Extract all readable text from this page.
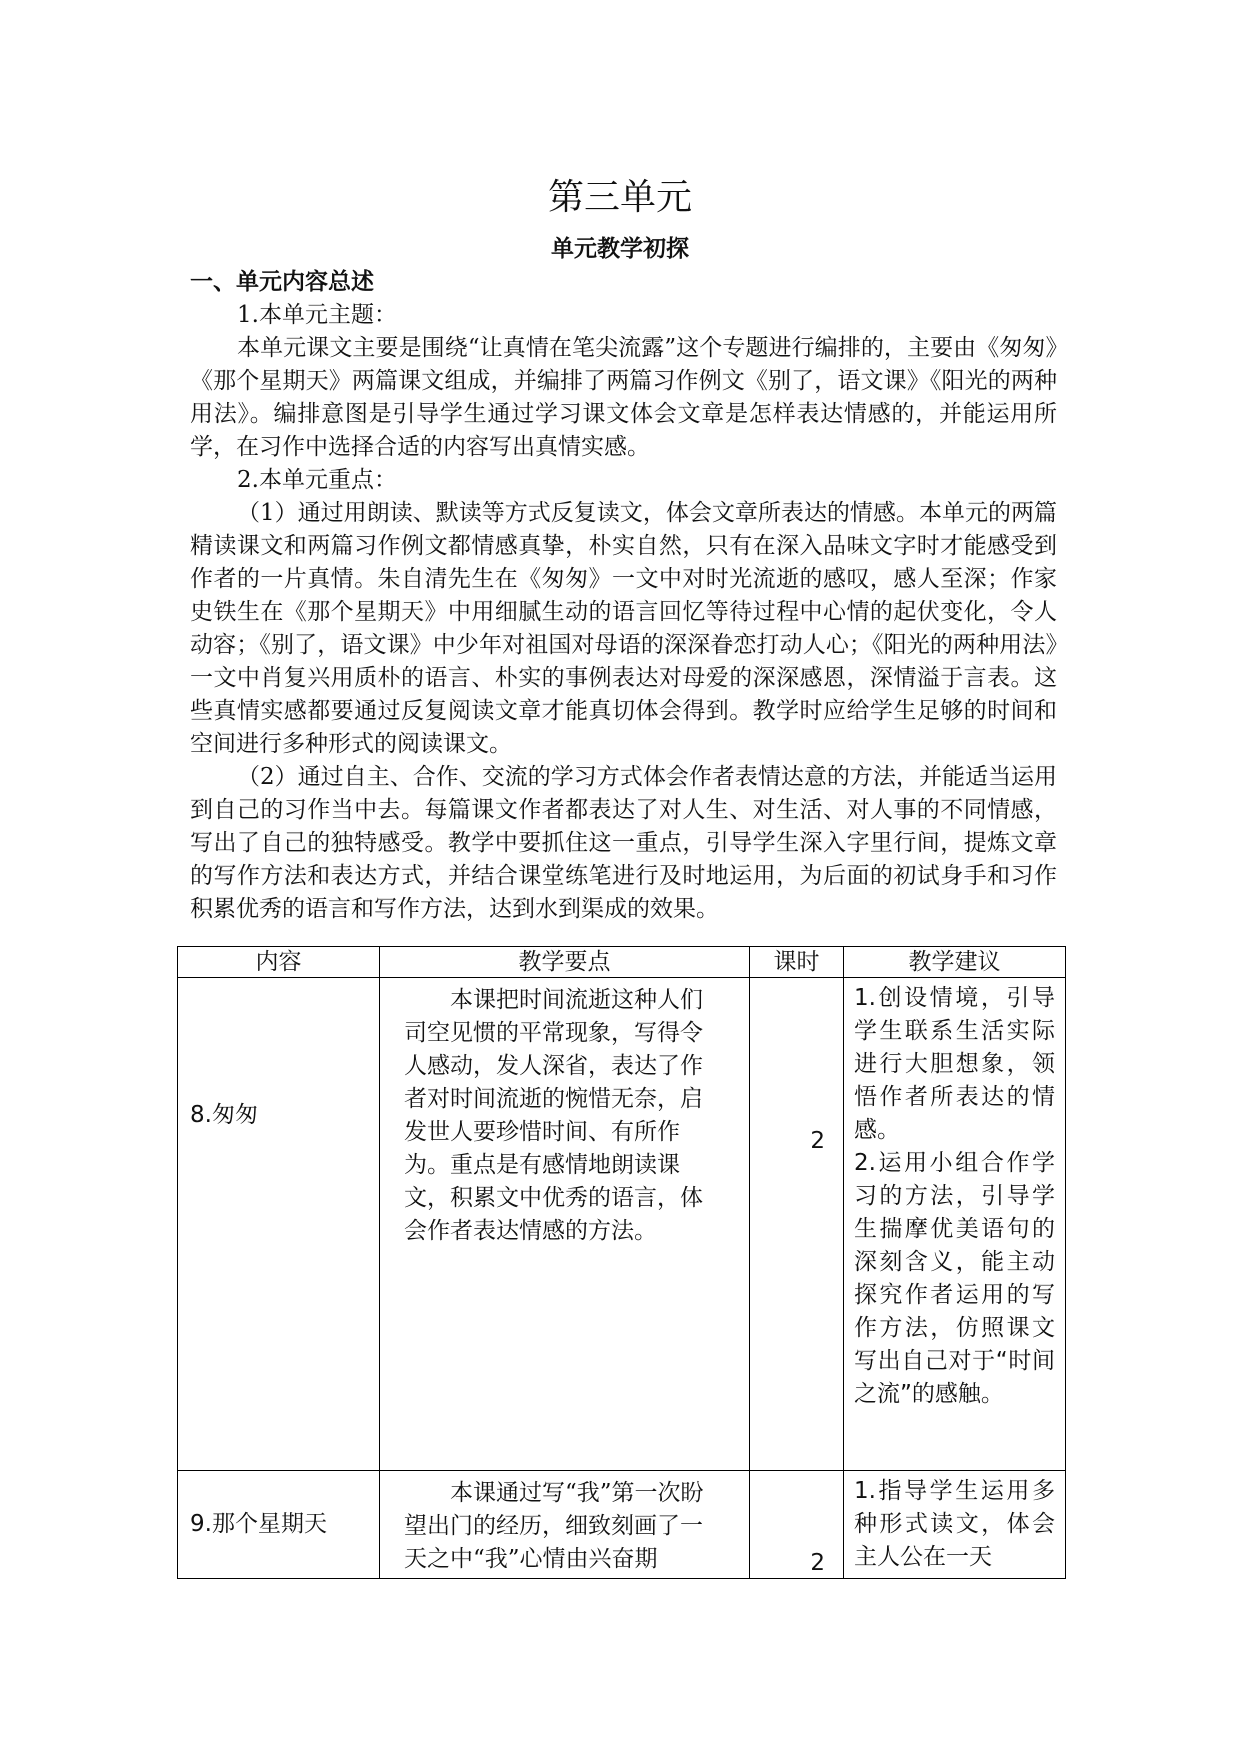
第三单元
单元教学初探

一、单元内容总述

1.本单元主题：

本单元课文主要是围绕“让真情在笔尖流露”这个专题进行编排的，主要由《匆匆》《那个星期天》两篇课文组成，并编排了两篇习作例文《别了，语文课》《阳光的两种用法》。编排意图是引导学生通过学习课文体会文章是怎样表达情感的，并能运用所学，在习作中选择合适的内容写出真情实感。

2.本单元重点：

（1）通过用朗读、默读等方式反复读文，体会文章所表达的情感。本单元的两篇精读课文和两篇习作例文都情感真挚，朴实自然，只有在深入品味文字时才能感受到作者的一片真情。朱自清先生在《匆匆》一文中对时光流逝的感叹，感人至深；作家史铁生在《那个星期天》中用细腻生动的语言回忆等待过程中心情的起伏变化，令人动容；《别了，语文课》中少年对祖国对母语的深深眷恋打动人心；《阳光的两种用法》一文中肖复兴用质朴的语言、朴实的事例表达对母爱的深深感恩，深情溢于言表。这些真情实感都要通过反复阅读文章才能真切体会得到。教学时应给学生足够的时间和空间进行多种形式的阅读课文。

（2）通过自主、合作、交流的学习方式体会作者表情达意的方法，并能适当运用到自己的习作当中去。每篇课文作者都表达了对人生、对生活、对人事的不同情感，写出了自己的独特感受。教学中要抓住这一重点，引导学生深入字里行间，提炼文章的写作方法和表达方式，并结合课堂练笔进行及时地运用，为后面的初试身手和习作积累优秀的语言和写作方法，达到水到渠成的效果。

内容	教学要点	课时	教学建议
8.匆匆	本课把时间流逝这种人们司空见惯的平常现象，写得令人感动，发人深省，表达了作者对时间流逝的惋惜无奈，启发世人要珍惜时间、有所作为。重点是有感情地朗读课文，积累文中优秀的语言，体会作者表达情感的方法。	2	1.创设情境，引导学生联系生活实际进行大胆想象，领悟作者所表达的情感。

2.运用小组合作学习的方法，引导学生揣摩优美语句的深刻含义，能主动探究作者运用的写作方法，仿照课文写出自己对于“时间之流”的感触。

9.那个星期天	本课通过写“我”第一次盼望出门的经历，细致刻画了一天之中“我”心情由兴奋期	2	1.指导学生运用多种形式读文，体会主人公在一天
